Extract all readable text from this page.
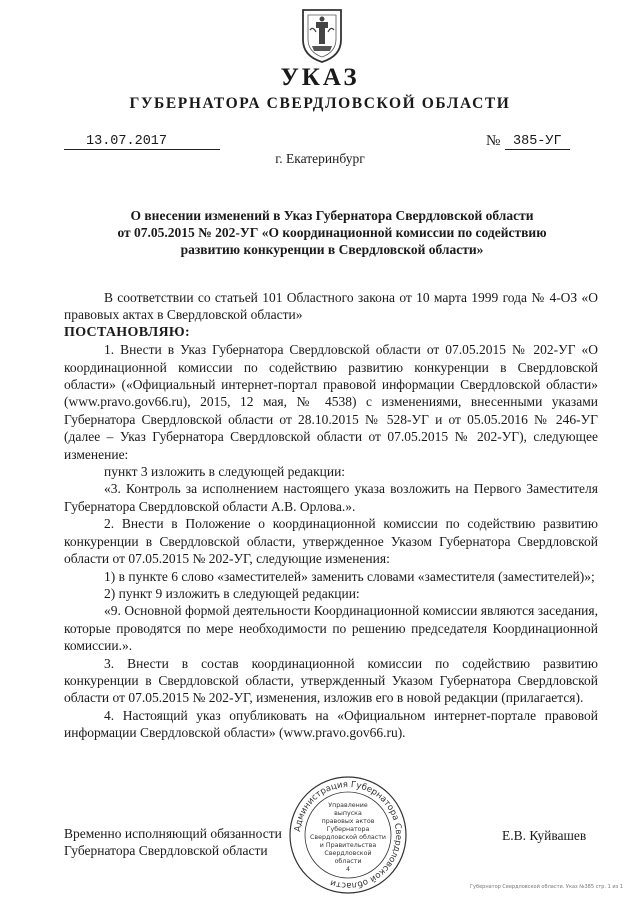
УКАЗ
ГУБЕРНАТОРА СВЕРДЛОВСКОЙ ОБЛАСТИ
13.07.2017	№ 385-УГ
г. Екатеринбург
О внесении изменений в Указ Губернатора Свердловской области
от 07.05.2015 № 202-УГ «О координационной комиссии по содействию
развитию конкуренции в Свердловской области»

В соответствии со статьей 101 Областного закона от 10 марта 1999 года № 4-ОЗ «О правовых актах в Свердловской области»

ПОСТАНОВЛЯЮ:

1. Внести в Указ Губернатора Свердловской области от 07.05.2015 № 202-УГ «О координационной комиссии по содействию развитию конкуренции в Свердловской области» («Официальный интернет-портал правовой информации Свердловской области» (www.pravo.gov66.ru), 2015, 12 мая, № 4538) с изменениями, внесенными указами Губернатора Свердловской области от 28.10.2015 № 528-УГ и от 05.05.2016 № 246-УГ (далее – Указ Губернатора Свердловской области от 07.05.2015 № 202-УГ), следующее изменение:

пункт 3 изложить в следующей редакции:

«3. Контроль за исполнением настоящего указа возложить на Первого Заместителя Губернатора Свердловской области А.В. Орлова.».

2. Внести в Положение о координационной комиссии по содействию развитию конкуренции в Свердловской области, утвержденное Указом Губернатора Свердловской области от 07.05.2015 № 202-УГ, следующие изменения:

1) в пункте 6 слово «заместителей» заменить словами «заместителя (заместителей)»;

2) пункт 9 изложить в следующей редакции:

«9. Основной формой деятельности Координационной комиссии являются заседания, которые проводятся по мере необходимости по решению председателя Координационной комиссии.».

3. Внести в состав координационной комиссии по содействию развитию конкуренции в Свердловской области, утвержденный Указом Губернатора Свердловской области от 07.05.2015 № 202-УГ, изменения, изложив его в новой редакции (прилагается).

4. Настоящий указ опубликовать на «Официальном интернет-портале правовой информации Свердловской области» (www.pravo.gov66.ru).

Временно исполняющий обязанности
Губернатора Свердловской области
Е.В. Куйвашев
Администрация Губернатора Свердловской области
Управление
выпуска
правовых актов
Губернатора
Свердловской области
и Правительства
Свердловской
области
4
Губернатор Свердловской области. Указ №385 стр. 1 из 1
